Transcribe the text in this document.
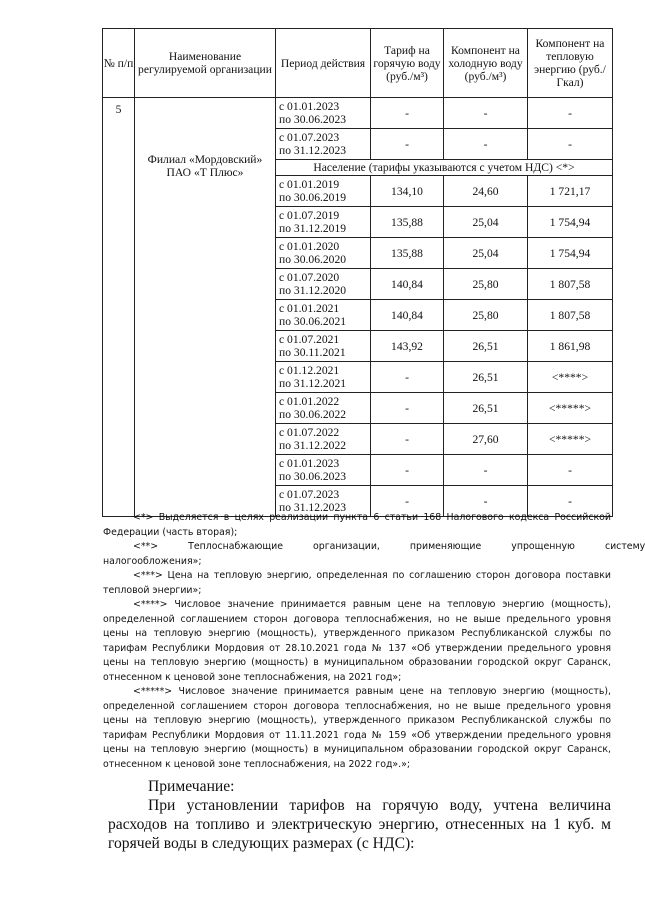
№ п/п	Наименование регулируемой организации	Период действия	Тариф на горячую воду (руб./м³)	Компонент на холодную воду (руб./м³)	Компонент на тепловую энергию (руб./Гкал)
5	Филиал «Мордовский» ПАО «Т Плюс»	с 01.01.2023
по 30.06.2023	-	-	-
		с 01.07.2023
по 31.12.2023	-	-	-
		Население (тарифы указываются с учетом НДС) <*>			
		с 01.01.2019
по 30.06.2019	134,10	24,60	1 721,17
		с 01.07.2019
по 31.12.2019	135,88	25,04	1 754,94
		с 01.01.2020
по 30.06.2020	135,88	25,04	1 754,94
		с 01.07.2020
по 31.12.2020	140,84	25,80	1 807,58
		с 01.01.2021
по 30.06.2021	140,84	25,80	1 807,58
		с 01.07.2021
по 30.11.2021	143,92	26,51	1 861,98
		с 01.12.2021
по 31.12.2021	-	26,51	<****>
		с 01.01.2022
по 30.06.2022	-	26,51	<*****>
		с 01.07.2022
по 31.12.2022	-	27,60	<*****>
		с 01.01.2023
по 30.06.2023	-	-	-
		с 01.07.2023
по 31.12.2023	-	-	-

<*> Выделяется в целях реализации пункта 6 статьи 168 Налогового кодекса Российской Федерации (часть вторая);

<**>	Теплоснабжающие	организации,	применяющие	упрощенную	систему

налогообложения»;

<***> Цена на тепловую энергию, определенная по соглашению сторон договора поставки тепловой энергии»;

<****> Числовое значение принимается равным цене на тепловую энергию (мощность), определенной соглашением сторон договора теплоснабжения, но не выше предельного уровня цены на тепловую энергию (мощность), утвержденного приказом Республиканской службы по тарифам Республики Мордовия от 28.10.2021 года № 137 «Об утверждении предельного уровня цены на тепловую энергию (мощность) в муниципальном образовании городской округ Саранск, отнесенном к ценовой зоне теплоснабжения, на 2021 год»;

<*****> Числовое значение принимается равным цене на тепловую энергию (мощность), определенной соглашением сторон договора теплоснабжения, но не выше предельного уровня цены на тепловую энергию (мощность), утвержденного приказом Республиканской службы по тарифам Республики Мордовия от 11.11.2021 года № 159 «Об утверждении предельного уровня цены на тепловую энергию (мощность) в муниципальном образовании городской округ Саранск, отнесенном к ценовой зоне теплоснабжения, на 2022 год».»;

Примечание:

При установлении тарифов на горячую воду, учтена величина расходов на топливо и электрическую энергию, отнесенных на 1 куб. м горячей воды в следующих размерах (с НДС):
